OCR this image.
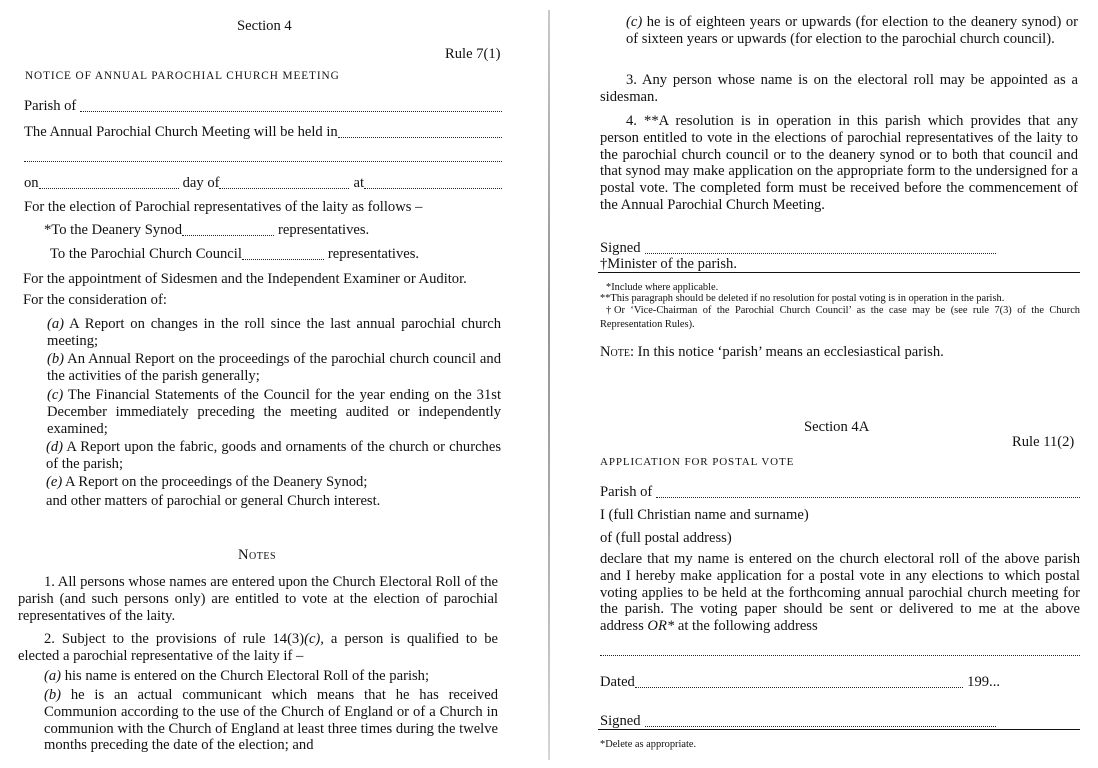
Section 4
Rule 7(1)
NOTICE OF ANNUAL PAROCHIAL CHURCH MEETING
Parish of
The Annual Parochial Church Meeting will be held in
on	day of	at
For the election of Parochial representatives of the laity as follows –
*To the Deanery Synod	representatives.
To the Parochial Church Council	representatives.
For the appointment of Sidesmen and the Independent Examiner or Auditor.
For the consideration of:
(a) A Report on changes in the roll since the last annual parochial church meeting;
(b) An Annual Report on the proceedings of the parochial church council and the activities of the parish generally;
(c) The Financial Statements of the Council for the year ending on the 31st December immediately preceding the meeting audited or independently examined;
(d) A Report upon the fabric, goods and ornaments of the church or churches of the parish;
(e) A Report on the proceedings of the Deanery Synod;
and other matters of parochial or general Church interest.
Notes
1. All persons whose names are entered upon the Church Electoral Roll of the parish (and such persons only) are entitled to vote at the election of parochial representatives of the laity.
2. Subject to the provisions of rule 14(3)(c), a person is qualified to be elected a parochial representative of the laity if –
(a) his name is entered on the Church Electoral Roll of the parish;
(b) he is an actual communicant which means that he has received Communion according to the use of the Church of England or of a Church in communion with the Church of England at least three times during the twelve months preceding the date of the election; and
(c) he is of eighteen years or upwards (for election to the deanery synod) or of sixteen years or upwards (for election to the parochial church council).
3. Any person whose name is on the electoral roll may be appointed as a sidesman.
4. **A resolution is in operation in this parish which provides that any person entitled to vote in the elections of parochial representatives of the laity to the parochial church council or to the deanery synod or to both that council and that synod may make application on the appropriate form to the undersigned for a postal vote. The completed form must be received before the commencement of the Annual Parochial Church Meeting.
Signed
†Minister of the parish.
*Include where applicable.
**This paragraph should be deleted if no resolution for postal voting is in operation in the parish.
†Or ‘Vice-Chairman of the Parochial Church Council’ as the case may be (see rule 7(3) of the Church Representation Rules).
Note: In this notice ‘parish’ means an ecclesiastical parish.
Section 4A
Rule 11(2)
APPLICATION FOR POSTAL VOTE
Parish of
I (full Christian name and surname)
of (full postal address)
declare that my name is entered on the church electoral roll of the above parish and I hereby make application for a postal vote in any elections to which postal voting applies to be held at the forthcoming annual parochial church meeting for the parish. The voting paper should be sent or delivered to me at the above address OR* at the following address
Dated	199...
Signed
*Delete as appropriate.
